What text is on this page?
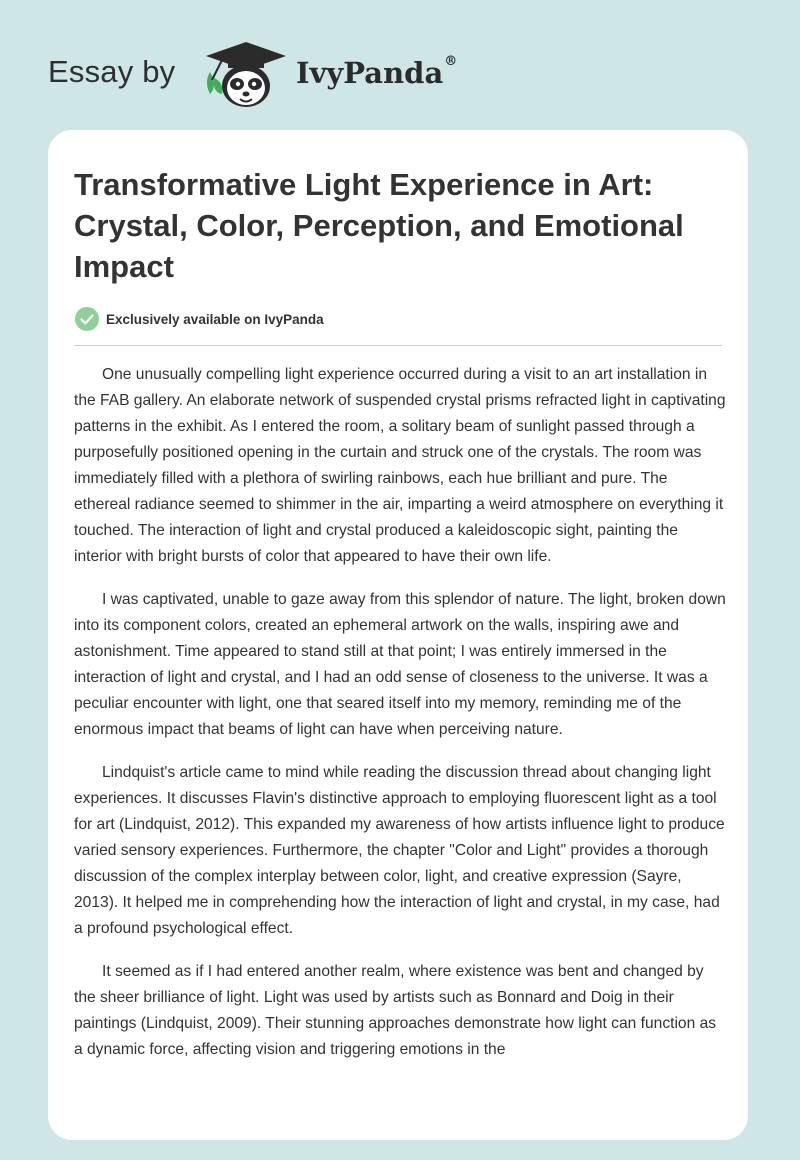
Essay by	IvyPanda®
Transformative Light Experience in Art: Crystal, Color, Perception, and Emotional Impact
Exclusively available on IvyPanda

One unusually compelling light experience occurred during a visit to an art installation in the FAB gallery. An elaborate network of suspended crystal prisms refracted light in captivating patterns in the exhibit. As I entered the room, a solitary beam of sunlight passed through a purposefully positioned opening in the curtain and struck one of the crystals. The room was immediately filled with a plethora of swirling rainbows, each hue brilliant and pure. The ethereal radiance seemed to shimmer in the air, imparting a weird atmosphere on everything it touched. The interaction of light and crystal produced a kaleidoscopic sight, painting the interior with bright bursts of color that appeared to have their own life.

I was captivated, unable to gaze away from this splendor of nature. The light, broken down into its component colors, created an ephemeral artwork on the walls, inspiring awe and astonishment. Time appeared to stand still at that point; I was entirely immersed in the interaction of light and crystal, and I had an odd sense of closeness to the universe. It was a peculiar encounter with light, one that seared itself into my memory, reminding me of the enormous impact that beams of light can have when perceiving nature.

Lindquist's article came to mind while reading the discussion thread about changing light experiences. It discusses Flavin's distinctive approach to employing fluorescent light as a tool for art (Lindquist, 2012). This expanded my awareness of how artists influence light to produce varied sensory experiences. Furthermore, the chapter "Color and Light" provides a thorough discussion of the complex interplay between color, light, and creative expression (Sayre, 2013). It helped me in comprehending how the interaction of light and crystal, in my case, had a profound psychological effect.

It seemed as if I had entered another realm, where existence was bent and changed by the sheer brilliance of light. Light was used by artists such as Bonnard and Doig in their paintings (Lindquist, 2009). Their stunning approaches demonstrate how light can function as a dynamic force, affecting vision and triggering emotions in the
